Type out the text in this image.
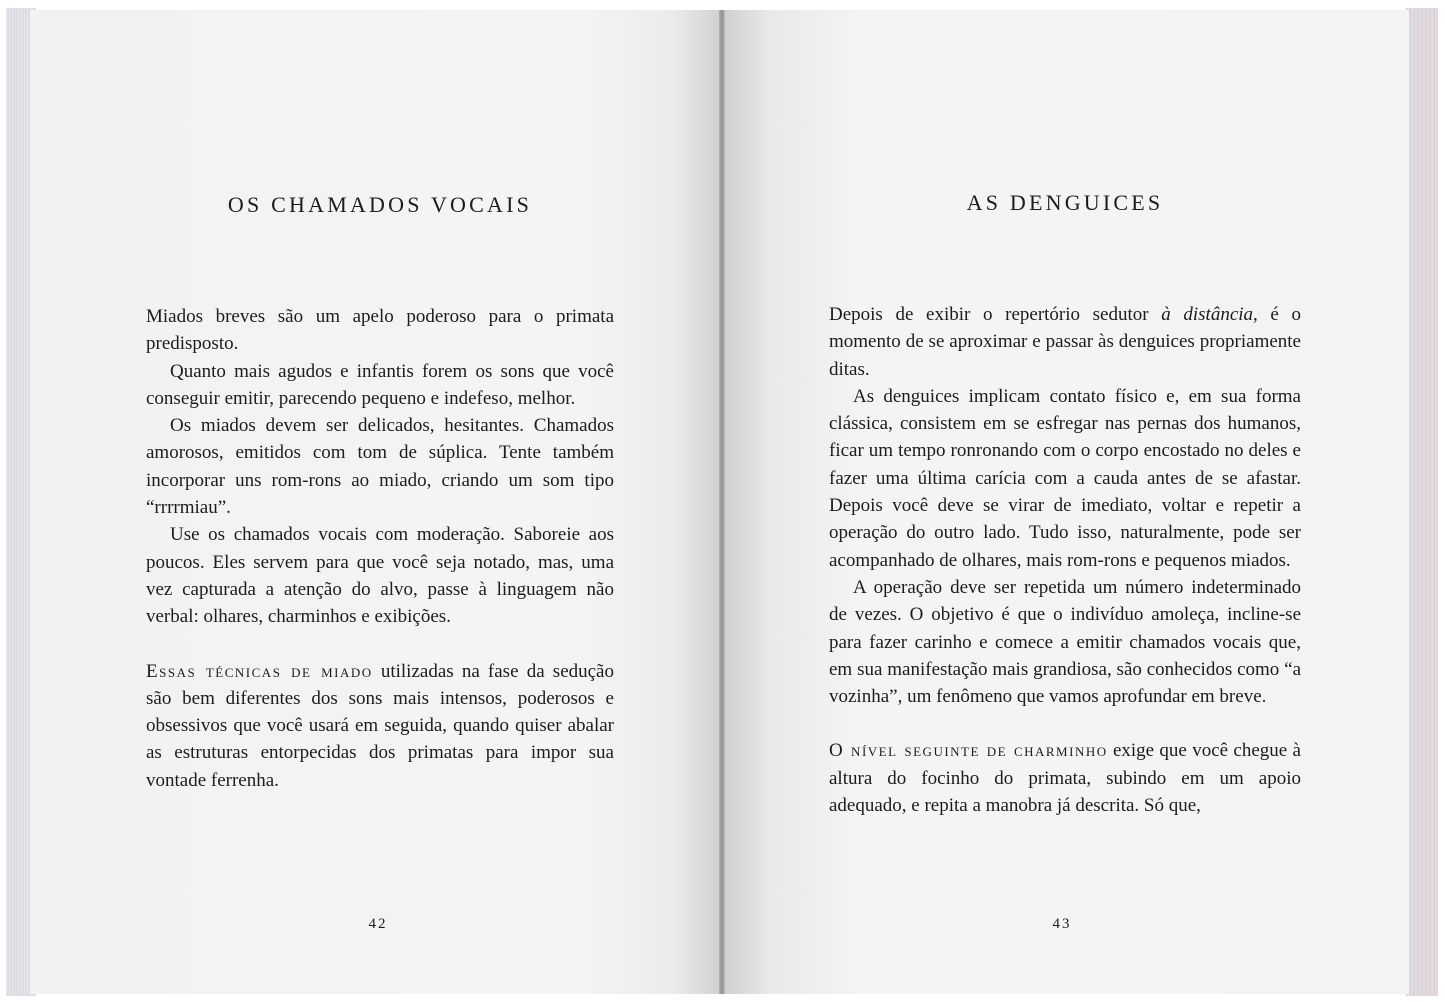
OS CHAMADOS VOCAIS

Miados breves são um apelo poderoso para o primata predisposto.

Quanto mais agudos e infantis forem os sons que você conseguir emitir, parecendo pequeno e indefeso, melhor.

Os miados devem ser delicados, hesitantes. Chamados amorosos, emitidos com tom de súplica. Tente também incorporar uns rom-rons ao miado, criando um som tipo “rrrrmiau”.

Use os chamados vocais com moderação. Saboreie aos poucos. Eles servem para que você seja notado, mas, uma vez capturada a atenção do alvo, passe à linguagem não verbal: olhares, charminhos e exibições.

Essas técnicas de miado utilizadas na fase da sedução são bem diferentes dos sons mais intensos, poderosos e obsessivos que você usará em seguida, quando quiser abalar as estruturas entorpecidas dos primatas para impor sua vontade ferrenha.

42
AS DENGUICES

Depois de exibir o repertório sedutor à distância, é o momento de se aproximar e passar às denguices propriamente ditas.

As denguices implicam contato físico e, em sua forma clássica, consistem em se esfregar nas pernas dos humanos, ficar um tempo ronronando com o corpo encostado no deles e fazer uma última carícia com a cauda antes de se afastar. Depois você deve se virar de imediato, voltar e repetir a operação do outro lado. Tudo isso, naturalmente, pode ser acompanhado de olhares, mais rom-rons e pequenos miados.

A operação deve ser repetida um número indeterminado de vezes. O objetivo é que o indivíduo amoleça, incline-se para fazer carinho e comece a emitir chamados vocais que, em sua manifestação mais grandiosa, são conhecidos como “a vozinha”, um fenômeno que vamos aprofundar em breve.

O nível seguinte de charminho exige que você chegue à altura do focinho do primata, subindo em um apoio adequado, e repita a manobra já descrita. Só que,

43
